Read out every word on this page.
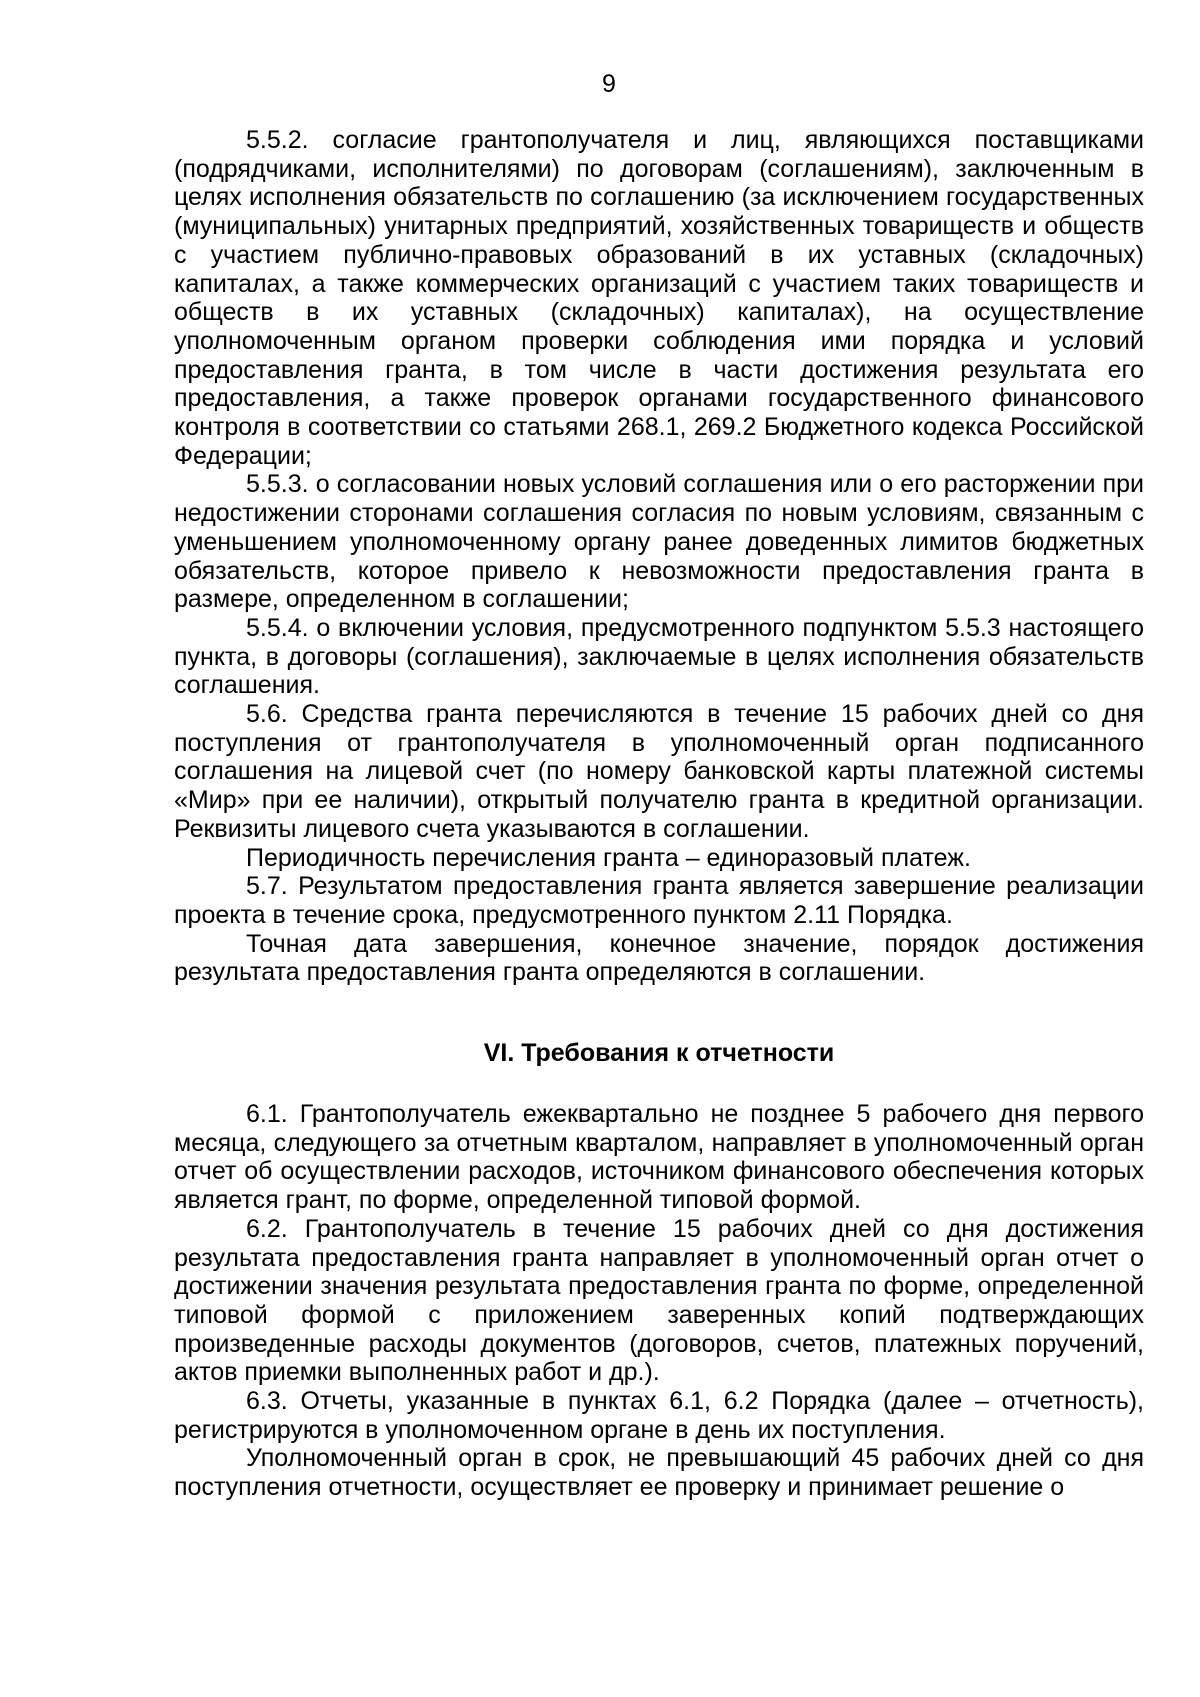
9

5.5.2. согласие грантополучателя и лиц, являющихся поставщиками (подрядчиками, исполнителями) по договорам (соглашениям), заключенным в целях исполнения обязательств по соглашению (за исключением государственных (муниципальных) унитарных предприятий, хозяйственных товариществ и обществ с участием публично-правовых образований в их уставных (складочных) капиталах, а также коммерческих организаций с участием таких товариществ и обществ в их уставных (складочных) капиталах), на осуществление уполномоченным органом проверки соблюдения ими порядка и условий предоставления гранта, в том числе в части достижения результата его предоставления, а также проверок органами государственного финансового контроля в соответствии со статьями 268.1, 269.2 Бюджетного кодекса Российской Федерации;

5.5.3. о согласовании новых условий соглашения или о его расторжении при недостижении сторонами соглашения согласия по новым условиям, связанным с уменьшением уполномоченному органу ранее доведенных лимитов бюджетных обязательств, которое привело к невозможности предоставления гранта в размере, определенном в соглашении;

5.5.4. о включении условия, предусмотренного подпунктом 5.5.3 настоящего пункта, в договоры (соглашения), заключаемые в целях исполнения обязательств соглашения.

5.6. Средства гранта перечисляются в течение 15 рабочих дней со дня поступления от грантополучателя в уполномоченный орган подписанного соглашения на лицевой счет (по номеру банковской карты платежной системы «Мир» при ее наличии), открытый получателю гранта в кредитной организации. Реквизиты лицевого счета указываются в соглашении.

Периодичность перечисления гранта – единоразовый платеж.

5.7. Результатом предоставления гранта является завершение реализации проекта в течение срока, предусмотренного пунктом 2.11 Порядка.

Точная дата завершения, конечное значение, порядок достижения результата предоставления гранта определяются в соглашении.

VI. Требования к отчетности

6.1. Грантополучатель ежеквартально не позднее 5 рабочего дня первого месяца, следующего за отчетным кварталом, направляет в уполномоченный орган отчет об осуществлении расходов, источником финансового обеспечения которых является грант, по форме, определенной типовой формой.

6.2. Грантополучатель в течение 15 рабочих дней со дня достижения результата предоставления гранта направляет в уполномоченный орган отчет о достижении значения результата предоставления гранта по форме, определенной типовой формой с приложением заверенных копий подтверждающих произведенные расходы документов (договоров, счетов, платежных поручений, актов приемки выполненных работ и др.).

6.3. Отчеты, указанные в пунктах 6.1, 6.2 Порядка (далее – отчетность), регистрируются в уполномоченном органе в день их поступления.

Уполномоченный орган в срок, не превышающий 45 рабочих дней со дня поступления отчетности, осуществляет ее проверку и принимает решение о
